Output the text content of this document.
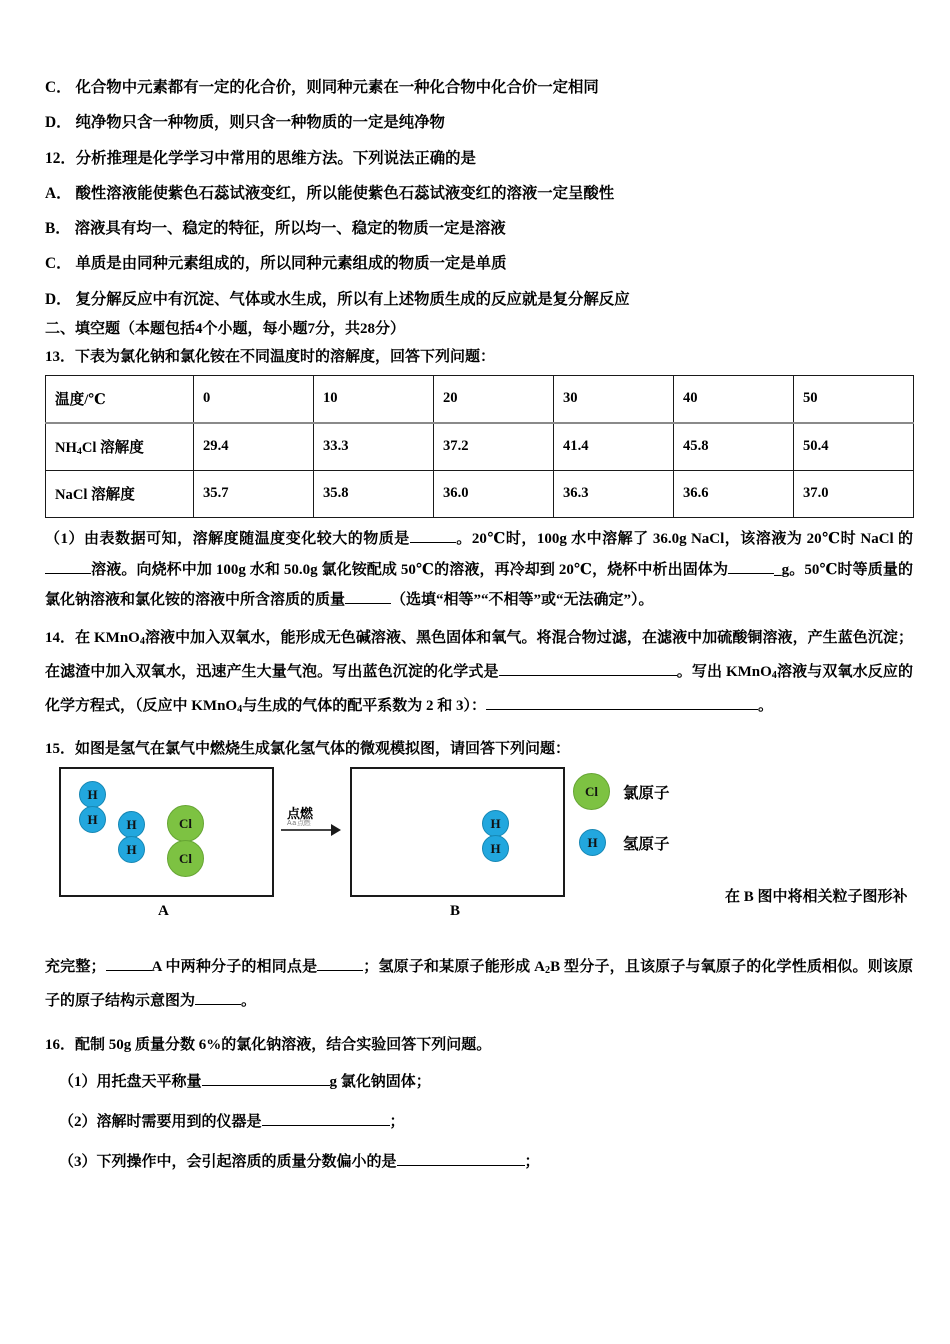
C． 化合物中元素都有一定的化合价，则同种元素在一种化合物中化合价一定相同
D． 纯净物只含一种物质，则只含一种物质的一定是纯净物
12．分析推理是化学学习中常用的思维方法。下列说法正确的是
A． 酸性溶液能使紫色石蕊试液变红，所以能使紫色石蕊试液变红的溶液一定呈酸性
B． 溶液具有均一、稳定的特征，所以均一、稳定的物质一定是溶液
C． 单质是由同种元素组成的，所以同种元素组成的物质一定是单质
D． 复分解反应中有沉淀、气体或水生成，所以有上述物质生成的反应就是复分解反应
二、填空题（本题包括4个小题，每小题7分，共28分）
13．下表为氯化钠和氯化铵在不同温度时的溶解度，回答下列问题：
温度/℃	0	10	20	30	40	50
$NH_4Cl$ 溶解度	29.4	33.3	37.2	41.4	45.8	50.4
NaCl 溶解度	35.7	35.8	36.0	36.3	36.6	37.0
（1）由表数据可知，溶解度随温度变化较大的物质是	。20℃时，100g 水中溶解了 36.0g NaCl，该溶液为 20℃时 NaCl 的溶液。向烧杯中加 100g 水和 50.0g 氯化铵配成 50℃的溶液，再冷却到 20℃，烧杯中析出固体为	_g。50℃时等质量的氯化钠溶液和氯化铵的溶液中所含溶质的质量	（选填“相等”“不相等”或“无法确定”）。
14．在 KMnO$_4$溶液中加入双氧水，能形成无色碱溶液、黑色固体和氧气。将混合物过滤，在滤液中加硫酸铜溶液，产生蓝色沉淀；在滤渣中加入双氧水，迅速产生大量气泡。写出蓝色沉淀的化学式是	。写出 KMnO$_4$溶液与双氧水反应的化学方程式，（反应中 KMnO$_4$与生成的气体的配平系数为 2 和 3）：	。
15．如图是氢气在氯气中燃烧生成氯化氢气体的微观模拟图，请回答下列问题：
H
H H
H
Cl
Cl
A
点燃
A a 点燃	H
H
B
Cl 氯原子
H 氢原子
在 B 图中将相关粒子图形补
充完整；	A 中两种分子的相同点是	；氢原子和某原子能形成 $A_2B$ 型分子，且该原子与氧原子的化学性质相似。则该原子的原子结构示意图为	。
16．配制 50g 质量分数 6%的氯化钠溶液，结合实验回答下列问题。
（1）用托盘天平称量	g 氯化钠固体；
（2）溶解时需要用到的仪器是	；
（3）下列操作中，会引起溶质的质量分数偏小的是	；
